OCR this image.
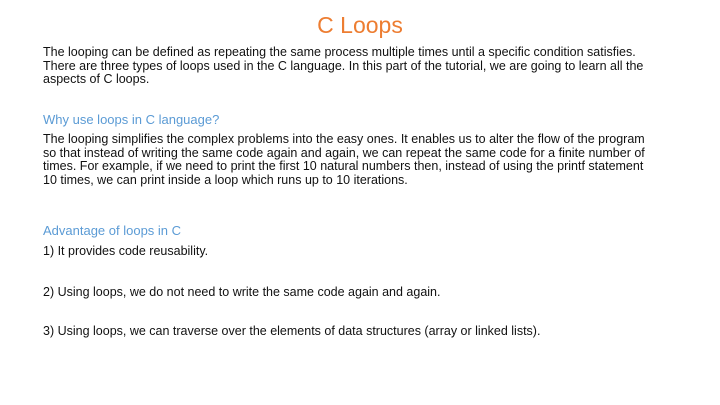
C Loops

The looping can be defined as repeating the same process multiple times until a specific condition satisfies. There are three types of loops used in the C language. In this part of the tutorial, we are going to learn all the aspects of C loops.

Why use loops in C language?

The looping simplifies the complex problems into the easy ones. It enables us to alter the flow of the program so that instead of writing the same code again and again, we can repeat the same code for a finite number of times. For example, if we need to print the first 10 natural numbers then, instead of using the printf statement 10 times, we can print inside a loop which runs up to 10 iterations.

Advantage of loops in C

1) It provides code reusability.

2) Using loops, we do not need to write the same code again and again.

3) Using loops, we can traverse over the elements of data structures (array or linked lists).
